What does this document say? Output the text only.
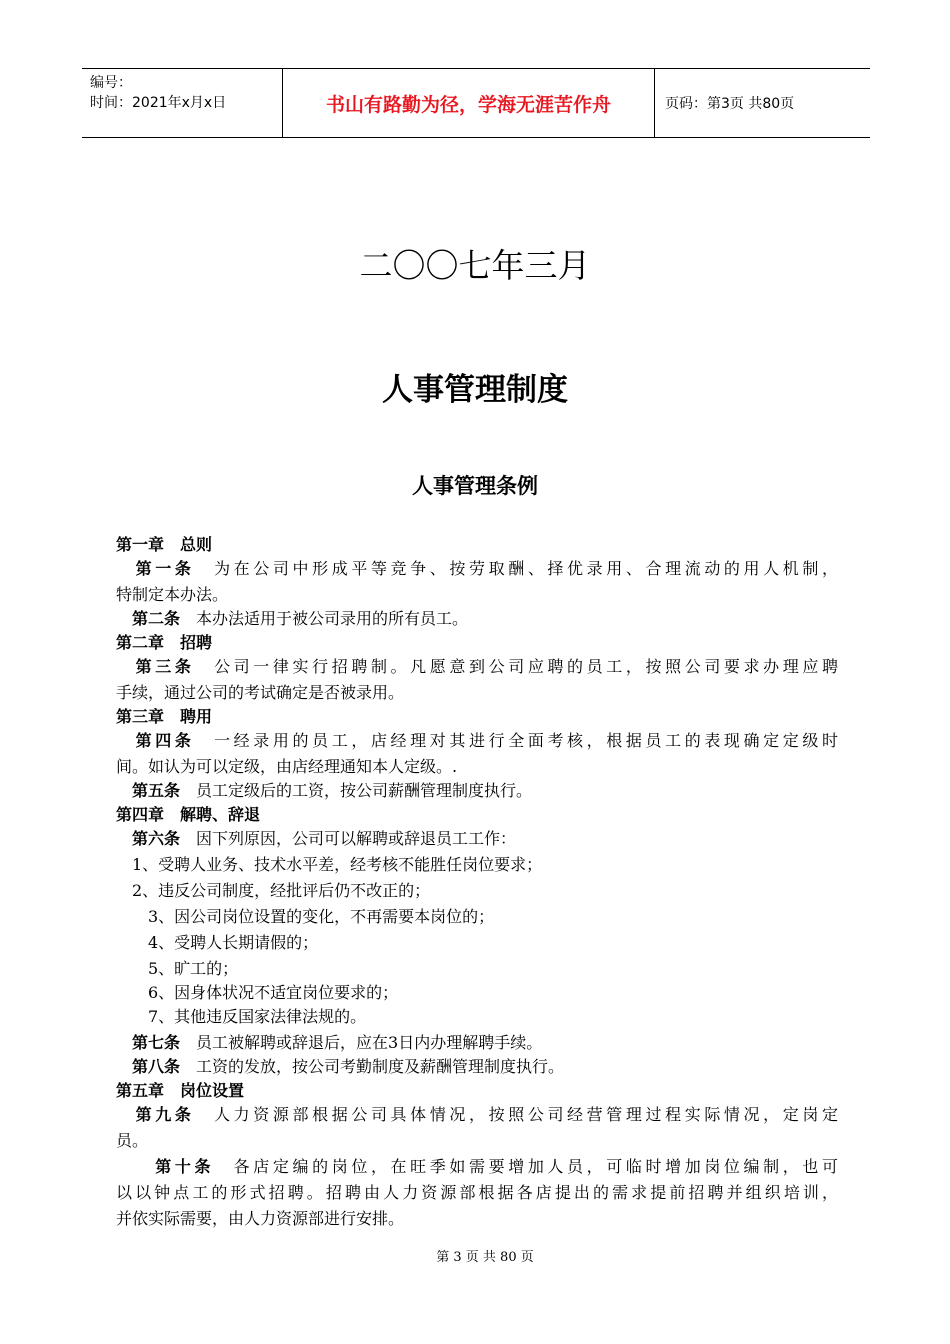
编号：
时间：2021年x月x日	书山有路勤为径，学海无涯苦作舟	页码：第3页 共80页
二〇〇七年三月
人事管理制度
人事管理条例
第一章　总则
　第一条　为在公司中形成平等竞争、按劳取酬、择优录用、合理流动的用人机制，
特制定本办法。
　第二条　本办法适用于被公司录用的所有员工。
第二章　招聘
　第三条　公司一律实行招聘制。凡愿意到公司应聘的员工，按照公司要求办理应聘
手续，通过公司的考试确定是否被录用。
第三章　聘用
　第四条　一经录用的员工，店经理对其进行全面考核，根据员工的表现确定定级时
间。如认为可以定级，由店经理通知本人定级。.
　第五条　员工定级后的工资，按公司薪酬管理制度执行。
第四章　解聘、辞退
　第六条　因下列原因，公司可以解聘或辞退员工工作：
　1、受聘人业务、技术水平差，经考核不能胜任岗位要求；
　2、违反公司制度，经批评后仍不改正的；
　　3、因公司岗位设置的变化，不再需要本岗位的；
　　4、受聘人长期请假的；
　　5、旷工的；
　　6、因身体状况不适宜岗位要求的；
　　7、其他违反国家法律法规的。
　第七条　员工被解聘或辞退后，应在3日内办理解聘手续。
　第八条　工资的发放，按公司考勤制度及薪酬管理制度执行。
第五章　岗位设置
　第九条　人力资源部根据公司具体情况，按照公司经营管理过程实际情况，定岗定
员。
　　第十条　各店定编的岗位，在旺季如需要增加人员，可临时增加岗位编制，也可
以以钟点工的形式招聘。招聘由人力资源部根据各店提出的需求提前招聘并组织培训，
并依实际需要，由人力资源部进行安排。
第 3 页 共 80 页
